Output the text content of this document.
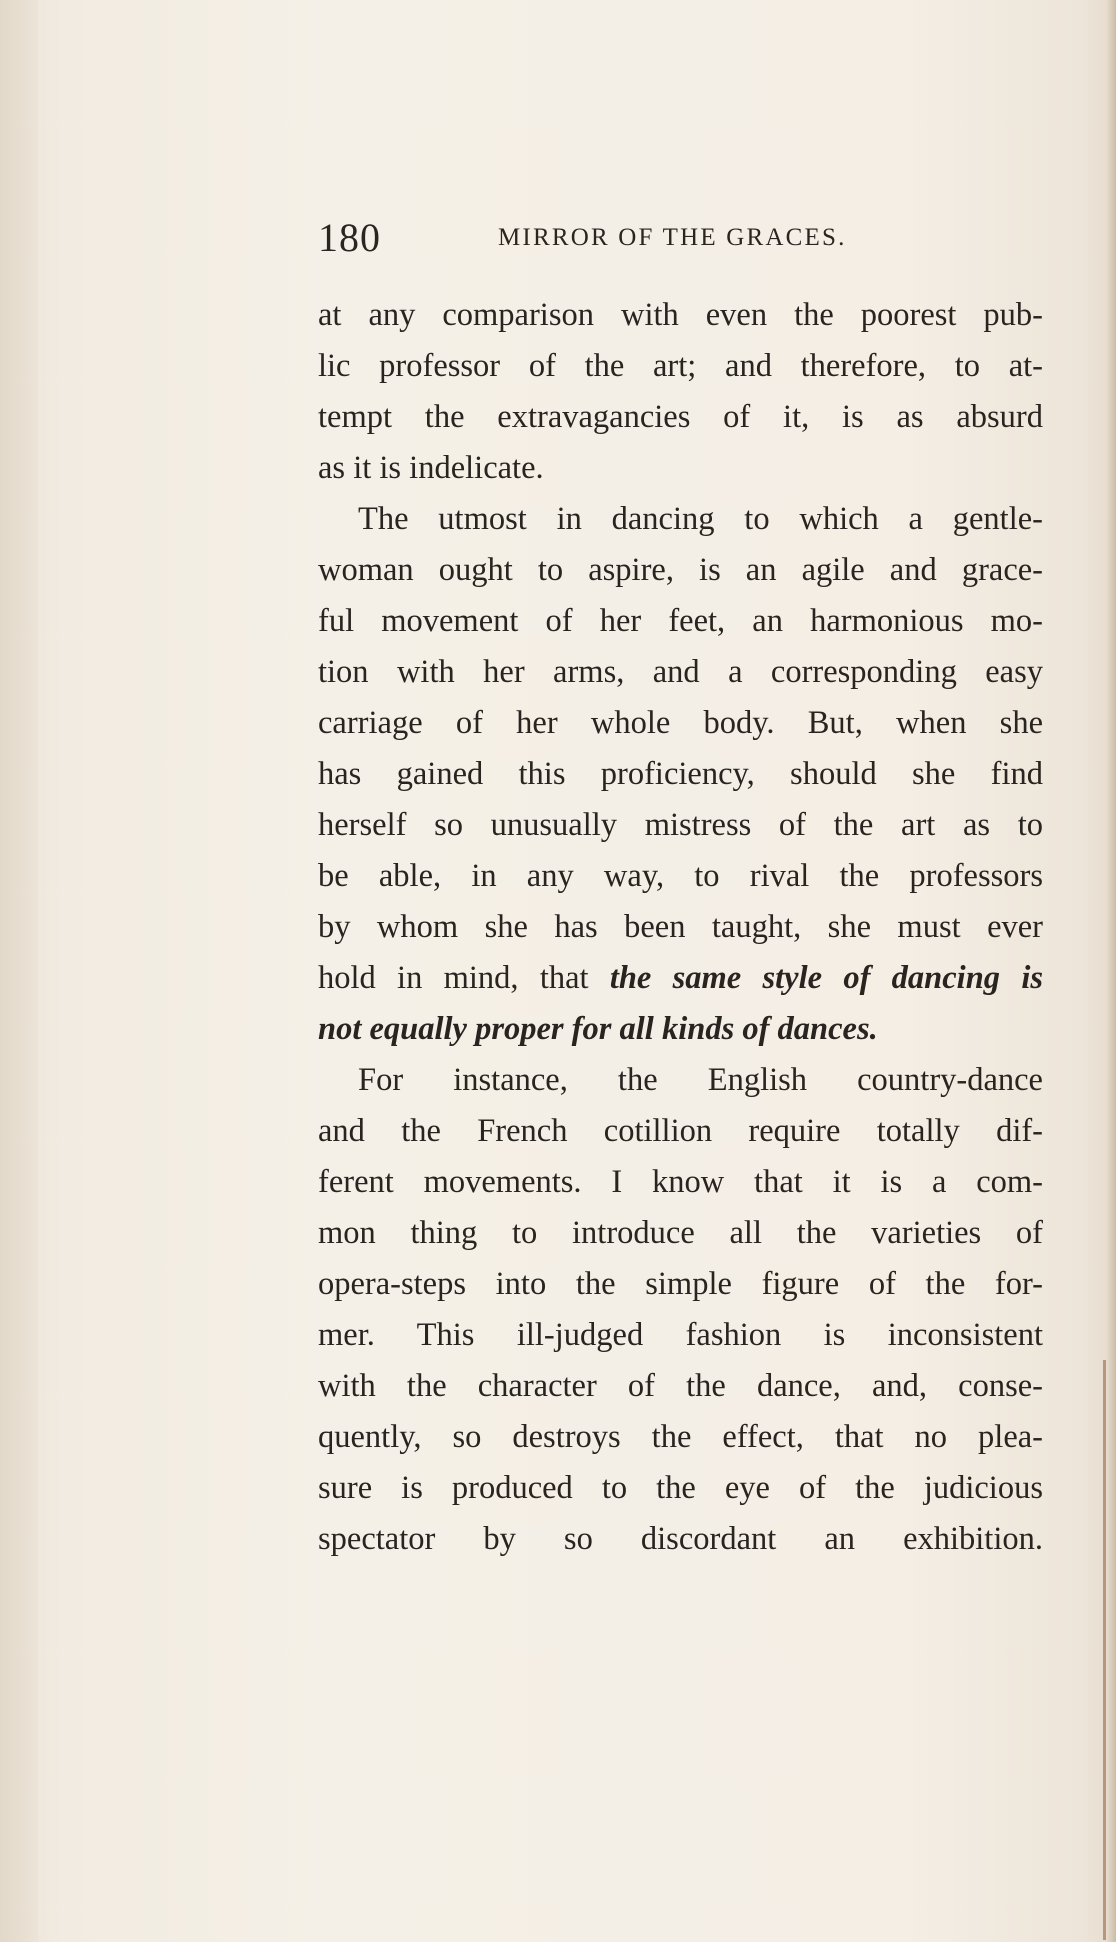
180	MIRROR OF THE GRACES.
at any comparison with even the poorest pub-
lic professor of the art; and therefore, to at-
tempt the extravagancies of it, is as absurd
as it is indelicate.
The utmost in dancing to which a gentle-
woman ought to aspire, is an agile and grace-
ful movement of her feet, an harmonious mo-
tion with her arms, and a corresponding easy
carriage of her whole body. But, when she
has gained this proficiency, should she find
herself so unusually mistress of the art as to
be able, in any way, to rival the professors
by whom she has been taught, she must ever
hold in mind, that the same style of dancing is
not equally proper for all kinds of dances.
For instance, the English country-dance
and the French cotillion require totally dif-
ferent movements. I know that it is a com-
mon thing to introduce all the varieties of
opera-steps into the simple figure of the for-
mer. This ill-judged fashion is inconsistent
with the character of the dance, and, conse-
quently, so destroys the effect, that no plea-
sure is produced to the eye of the judicious
spectator by so discordant an exhibition.
